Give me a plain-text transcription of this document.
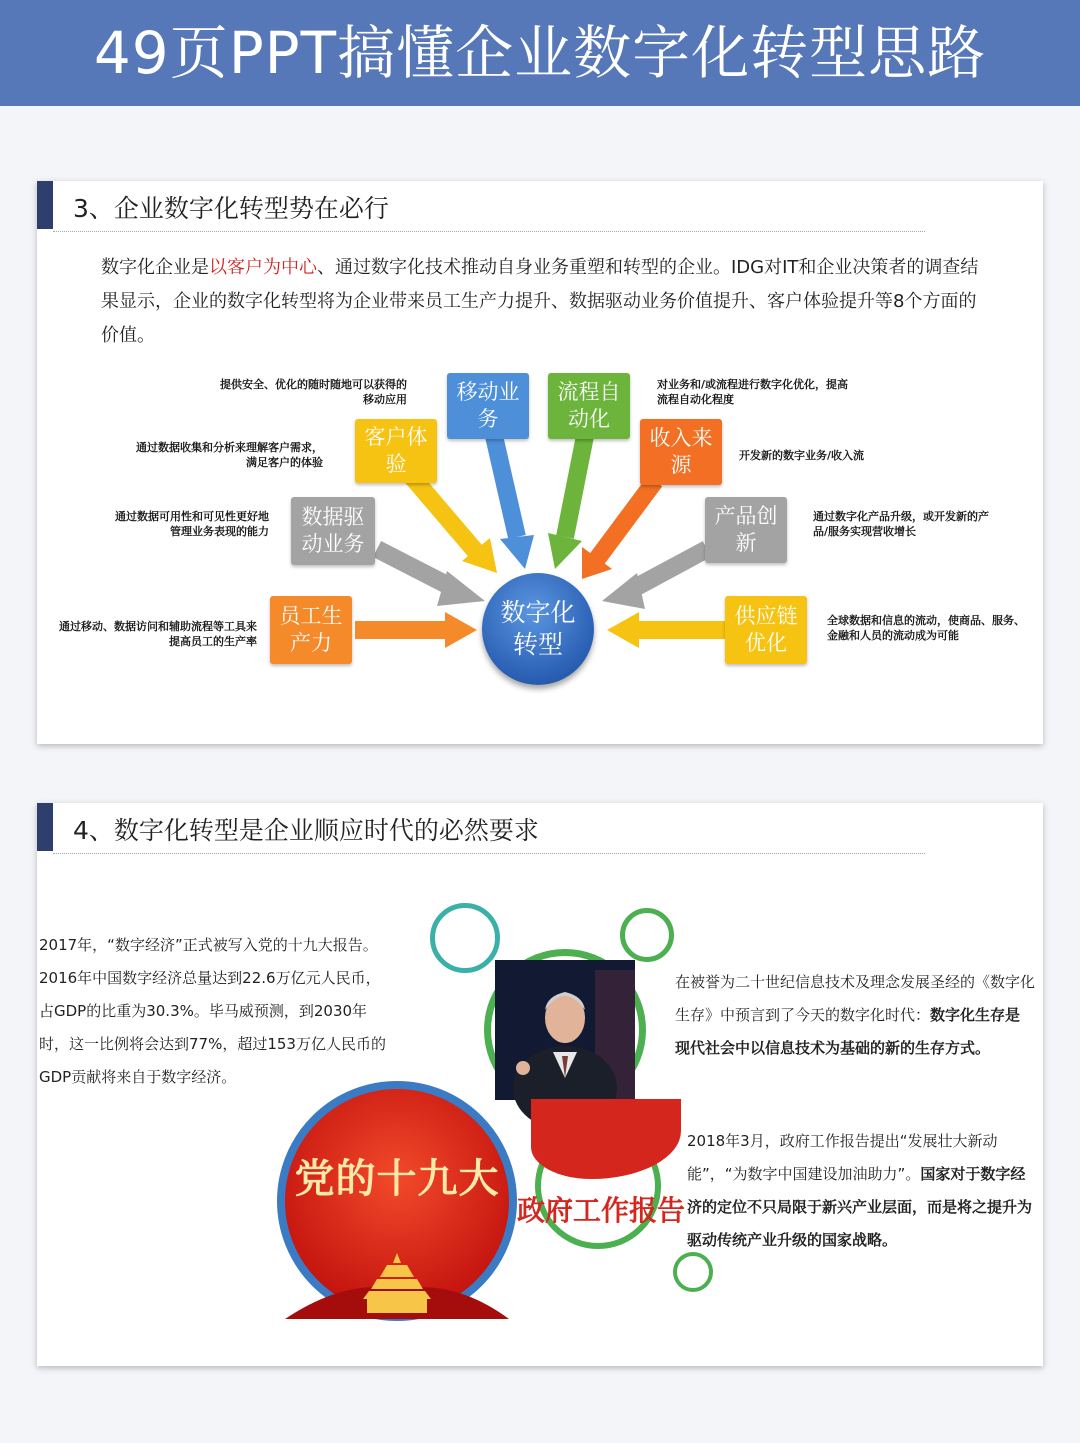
49页PPT搞懂企业数字化转型思路
3、企业数字化转型势在必行
数字化企业是以客户为中心、通过数字化技术推动自身业务重塑和转型的企业。IDG对IT和企业决策者的调查结果显示，企业的数字化转型将为企业带来员工生产力提升、数据驱动业务价值提升、客户体验提升等8个方面的价值。
数字化转型
员工生产力
数据驱动业务
客户体验
移动业务
流程自动化
收入来源
产品创新
供应链优化
通过移动、数据访问和辅助流程等工具来提高员工的生产率
通过数据可用性和可见性更好地管理业务表现的能力
通过数据收集和分析来理解客户需求，满足客户的体验
提供安全、优化的随时随地可以获得的移动应用
对业务和/或流程进行数字化优化，提高流程自动化程度
开发新的数字业务/收入流
通过数字化产品升级，或开发新的产品/服务实现营收增长
全球数据和信息的流动，使商品、服务、金融和人员的流动成为可能
4、数字化转型是企业顺应时代的必然要求
2017年，“数字经济”正式被写入党的十九大报告。2016年中国数字经济总量达到22.6万亿元人民币，占GDP的比重为30.3%。毕马威预测，到2030年时，这一比例将会达到77%，超过153万亿人民币的GDP贡献将来自于数字经济。
党的十九大
政府工作报告
在被誉为二十世纪信息技术及理念发展圣经的《数字化生存》中预言到了今天的数字化时代：数字化生存是现代社会中以信息技术为基础的新的生存方式。
2018年3月，政府工作报告提出“发展壮大新动能”，“为数字中国建设加油助力”。国家对于数字经济的定位不只局限于新兴产业层面，而是将之提升为驱动传统产业升级的国家战略。
